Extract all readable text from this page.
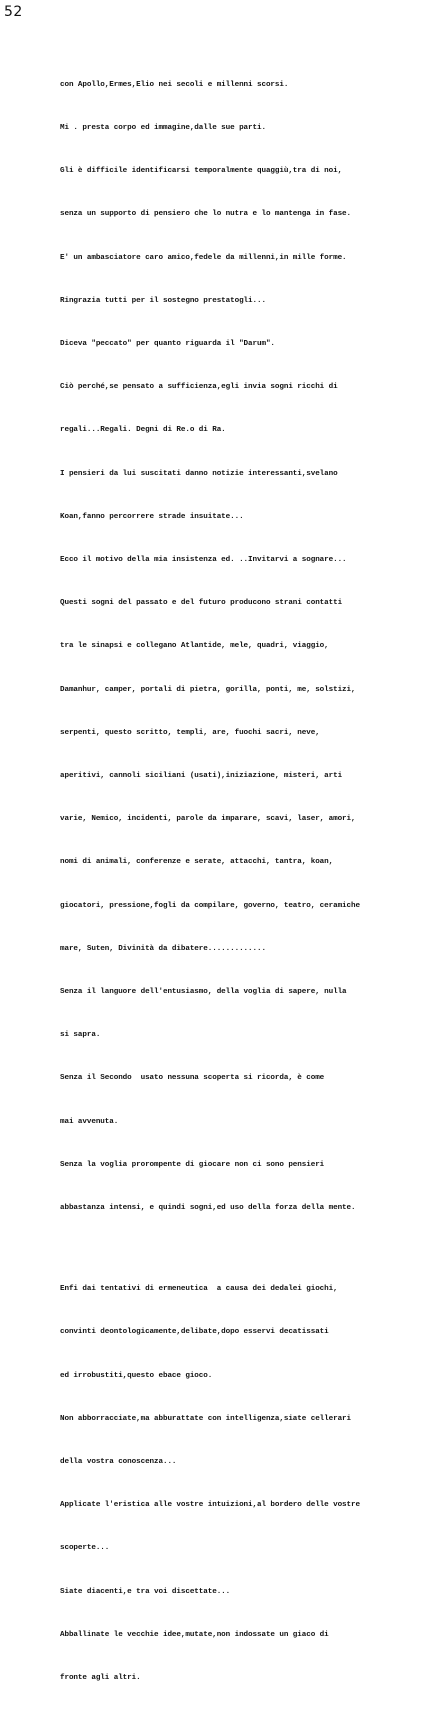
52

con Apollo,Ermes,Elio nei secoli e millenni scorsi.

Mi . presta corpo ed immagine,dalle sue parti.

Gli è difficile identificarsi temporalmente quaggiù,tra di noi,

senza un supporto di pensiero che lo nutra e lo mantenga in fase.

E' un ambasciatore caro amico,fedele da millenni,in mille forme.

Ringrazia tutti per il sostegno prestatogli...

Diceva "peccato" per quanto riguarda il "Darum".

Ciò perché,se pensato a sufficienza,egli invia sogni ricchi di

regali...Regali. Degni di Re.o di Ra.

I pensieri da lui suscitati danno notizie interessanti,svelano

Koan,fanno percorrere strade insuitate...

Ecco il motivo della mia insistenza ed. ..Invitarvi a sognare...

Questi sogni del passato e del futuro producono strani contatti

tra le sinapsi e collegano Atlantide, mele, quadri, viaggio,

Damanhur, camper, portali di pietra, gorilla, ponti, me, solstizi,

serpenti, questo scritto, templi, are, fuochi sacri, neve,

aperitivi, cannoli siciliani (usati),iniziazione, misteri, arti

varie, Nemico, incidenti, parole da imparare, scavi, laser, amori,

nomi di animali, conferenze e serate, attacchi, tantra, koan,

giocatori, pressione,fogli da compilare, governo, teatro, ceramiche

mare, Suten, Divinità da dibatere.............

Senza il languore dell'entusiasmo, della voglia di sapere, nulla

si sapra.

Senza il Secondo  usato nessuna scoperta si ricorda, è come

mai avvenuta.

Senza la voglia prorompente di giocare non ci sono pensieri

abbastanza intensi, e quindi sogni,ed uso della forza della mente.

Enfi dai tentativi di ermeneutica  a causa dei dedalei giochi,

convinti deontologicamente,delibate,dopo esservi decatissati

ed irrobustiti,questo ebace gioco.

Non abborracciate,ma abburattate con intelligenza,siate cellerari

della vostra conoscenza...

Applicate l'eristica alle vostre intuizioni,al bordero delle vostre

scoperte...

Siate diacenti,e tra voi discettate...

Abballinate le vecchie idee,mutate,non indossate un giaco di

fronte agli altri.
